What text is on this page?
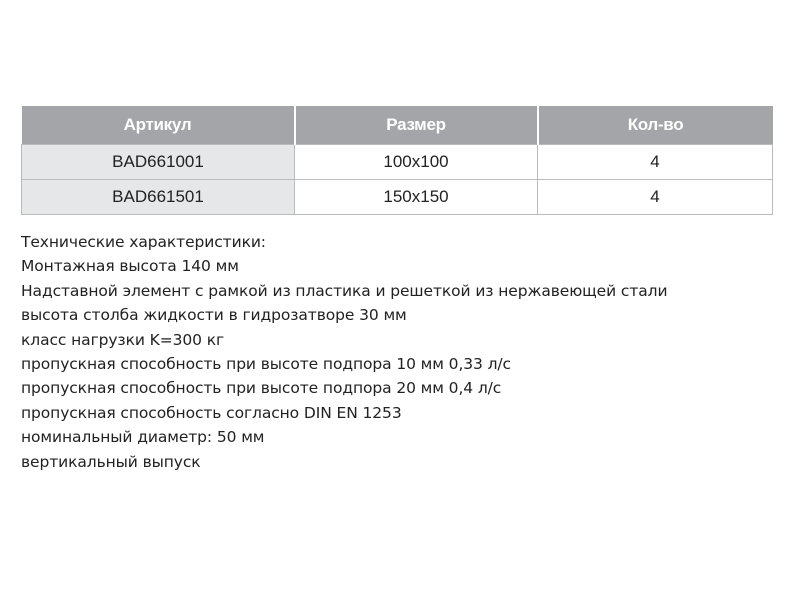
Артикул	Размер	Кол-во
BAD661001	100x100	4
BAD661501	150x150	4
Технические характеристики:
Монтажная высота 140 мм
Надставной элемент с рамкой из пластика и решеткой из нержавеющей стали
высота столба жидкости в гидрозатворе 30 мм
класс нагрузки K=300 кг
пропускная способность при высоте подпора 10 мм 0,33 л/с
пропускная способность при высоте подпора 20 мм 0,4 л/с
пропускная способность согласно DIN EN 1253
номинальный диаметр: 50 мм
вертикальный выпуск
